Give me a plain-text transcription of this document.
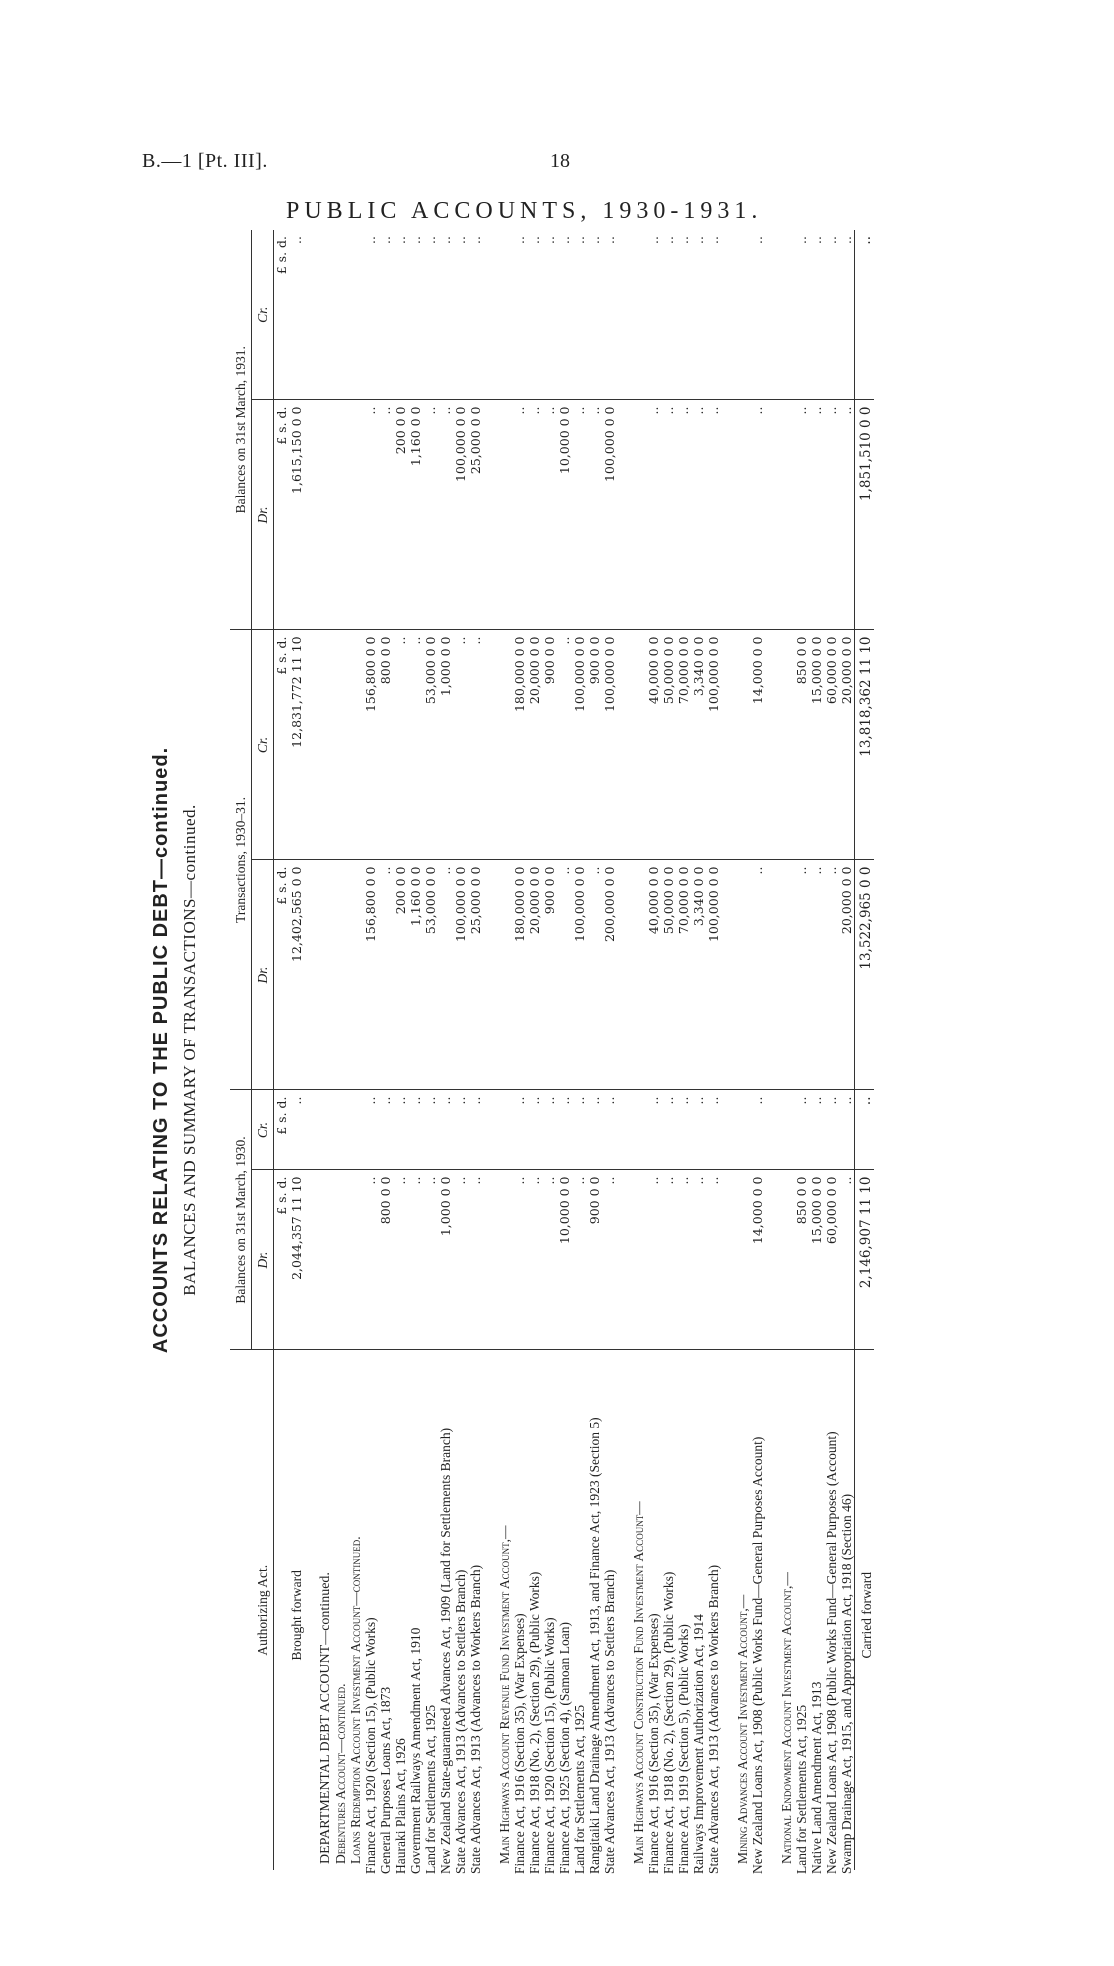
B.—1 [Pt. III].	18
PUBLIC ACCOUNTS, 1930-1931.
ACCOUNTS RELATING TO THE PUBLIC DEBT—continued. BALANCES AND SUMMARY OF TRANSACTIONS—continued.
Authorizing Act.	Balances on 31st March, 1930.		Transactions, 1930–31.		Balances on 31st March, 1931.	
	Dr.	Cr.	Dr.	Cr.	Dr.	Cr.
	£ s. d.	£ s. d.	£ s. d.	£ s. d.	£ s. d.	£ s. d.
Brought forward	2,044,357 11 10	..	12,402,565 0 0	12,831,772 11 10	1,615,150 0 0	..

DEPARTMENTAL DEBT ACCOUNT—continued.						
Debentures Account—continued.						
Loans Redemption Account Investment Account—continued.						
Finance Act, 1920 (Section 15), (Public Works)	..	..	156,800 0 0	156,800 0 0	..	..
General Purposes Loans Act, 1873	800 0 0	..	..	800 0 0	..	..
Hauraki Plains Act, 1926	..	..	200 0 0	..	200 0 0	..
Government Railways Amendment Act, 1910	..	..	1,160 0 0	..	1,160 0 0	..
Land for Settlements Act, 1925	..	..	53,000 0 0	53,000 0 0	..	..
New Zealand State-guaranteed Advances Act, 1909 (Land for Settlements Branch)	1,000 0 0	..	..	1,000 0 0	..	..
State Advances Act, 1913 (Advances to Settlers Branch)	..	..	100,000 0 0	..	100,000 0 0	..
State Advances Act, 1913 (Advances to Workers Branch)	..	..	25,000 0 0	..	25,000 0 0	..

Main Highways Account Revenue Fund Investment Account,—						
Finance Act, 1916 (Section 35), (War Expenses)	..	..	180,000 0 0	180,000 0 0	..	..
Finance Act, 1918 (No. 2), (Section 29), (Public Works)	..	..	20,000 0 0	20,000 0 0	..	..
Finance Act, 1920 (Section 15), (Public Works)	..	..	900 0 0	900 0 0	..	..
Finance Act, 1925 (Section 4), (Samoan Loan)	10,000 0 0	..	..	..	10,000 0 0	..
Land for Settlements Act, 1925	..	..	100,000 0 0	100,000 0 0	..	..
Rangitaiki Land Drainage Amendment Act, 1913, and Finance Act, 1923 (Section 5)	900 0 0	..	..	900 0 0	..	..
State Advances Act, 1913 (Advances to Settlers Branch)	..	..	200,000 0 0	100,000 0 0	100,000 0 0	..

Main Highways Account Construction Fund Investment Account—						
Finance Act, 1916 (Section 35), (War Expenses)	..	..	40,000 0 0	40,000 0 0	..	..
Finance Act, 1918 (No. 2), (Section 29), (Public Works)	..	..	50,000 0 0	50,000 0 0	..	..
Finance Act, 1919 (Section 5), (Public Works)	..	..	70,000 0 0	70,000 0 0	..	..
Railways Improvement Authorization Act, 1914	..	..	3,340 0 0	3,340 0 0	..	..
State Advances Act, 1913 (Advances to Workers Branch)	..	..	100,000 0 0	100,000 0 0	..	..

Mining Advances Account Investment Account,—						
New Zealand Loans Act, 1908 (Public Works Fund—General Purposes Account)	14,000 0 0	..	..	14,000 0 0	..	..

National Endowment Account Investment Account,—						
Land for Settlements Act, 1925	850 0 0	..	..	850 0 0	..	..
Native Land Amendment Act, 1913	15,000 0 0	..	..	15,000 0 0	..	..
New Zealand Loans Act, 1908 (Public Works Fund—General Purposes (Account)	60,000 0 0	..	..	60,000 0 0	..	..
Swamp Drainage Act, 1915, and Appropriation Act, 1918 (Section 46)	..	..	20,000 0 0	20,000 0 0	..	..
Carried forward	2,146,907 11 10	..	13,522,965 0 0	13,818,362 11 10	1,851,510 0 0	..
